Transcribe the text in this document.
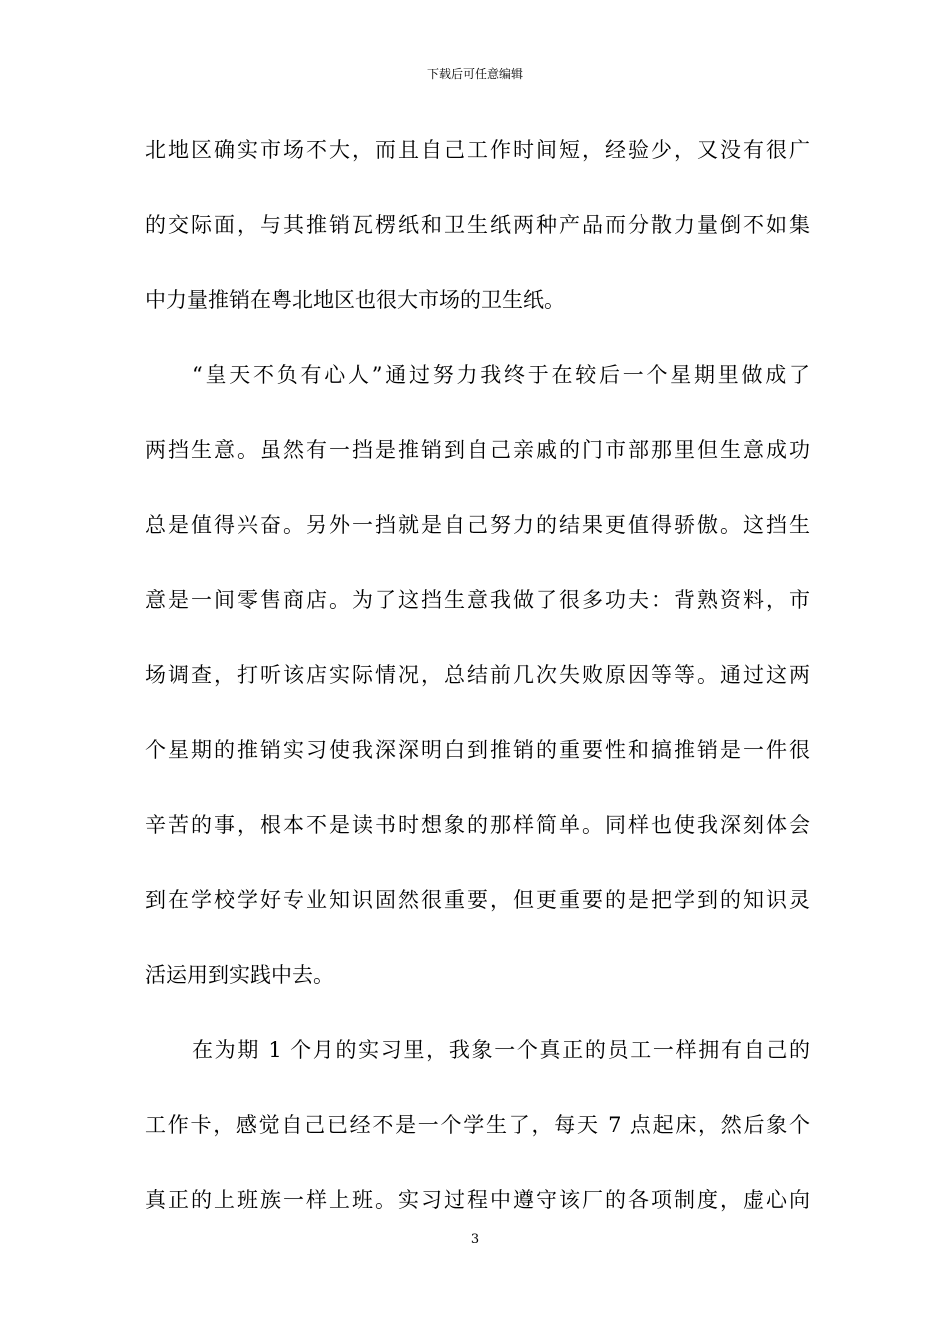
下载后可任意编辑
北地区确实市场不大，而且自己工作时间短，经验少，又没有很广
的交际面，与其推销瓦楞纸和卫生纸两种产品而分散力量倒不如集
中力量推销在粤北地区也很大市场的卫生纸。
“皇天不负有心人”通过努力我终于在较后一个星期里做成了
两挡生意。虽然有一挡是推销到自己亲戚的门市部那里但生意成功
总是值得兴奋。另外一挡就是自己努力的结果更值得骄傲。这挡生
意是一间零售商店。为了这挡生意我做了很多功夫：背熟资料，市
场调查，打听该店实际情况，总结前几次失败原因等等。通过这两
个星期的推销实习使我深深明白到推销的重要性和搞推销是一件很
辛苦的事，根本不是读书时想象的那样简单。同样也使我深刻体会
到在学校学好专业知识固然很重要，但更重要的是把学到的知识灵
活运用到实践中去。
在为期 1 个月的实习里，我象一个真正的员工一样拥有自己的
工作卡，感觉自己已经不是一个学生了，每天 7 点起床，然后象个
真正的上班族一样上班。实习过程中遵守该厂的各项制度，虚心向
3
